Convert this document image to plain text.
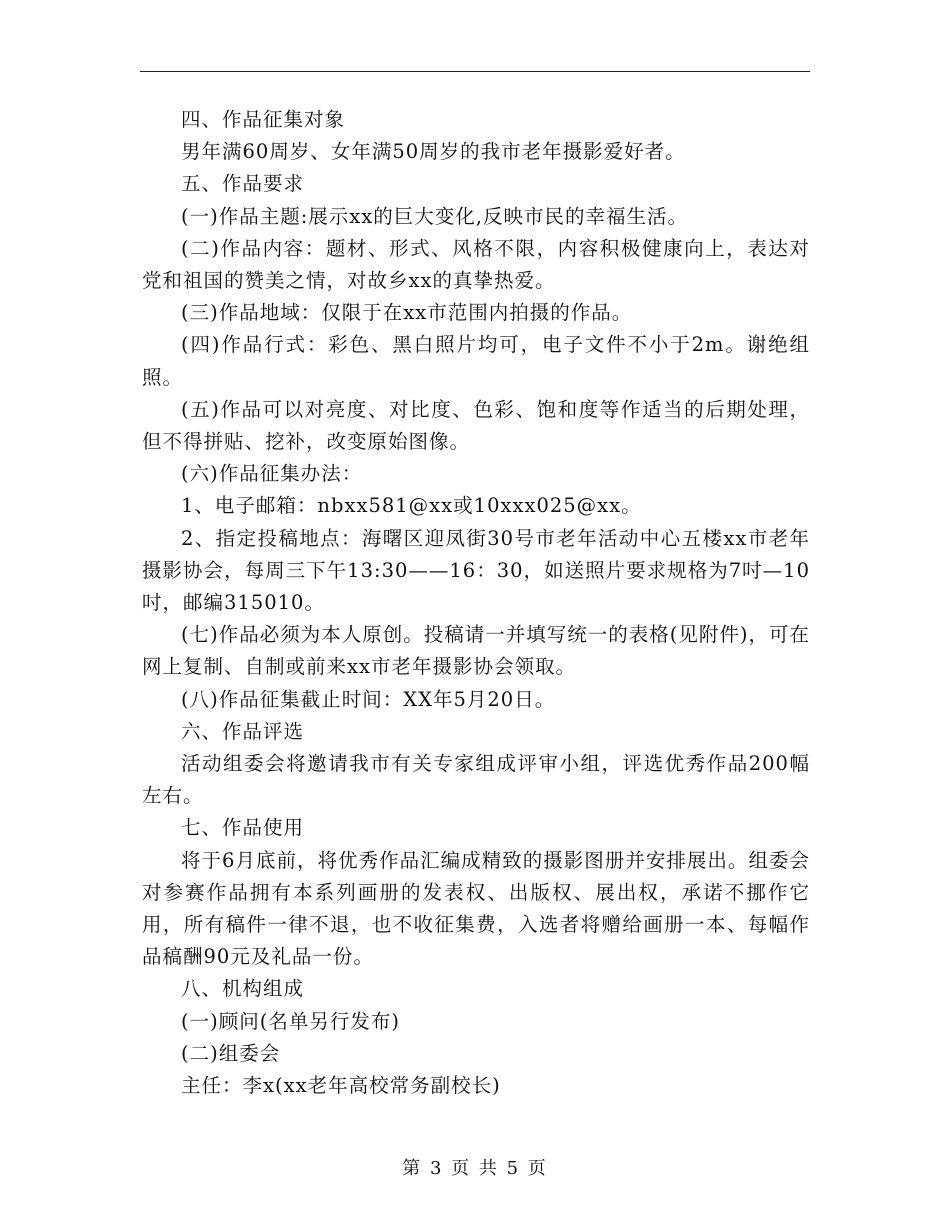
四、作品征集对象

男年满60周岁、女年满50周岁的我市老年摄影爱好者。

五、作品要求

(一)作品主题:展示xx的巨大变化,反映市民的幸福生活。

(二)作品内容：题材、形式、风格不限，内容积极健康向上，表达对党和祖国的赞美之情，对故乡xx的真挚热爱。

(三)作品地域：仅限于在xx市范围内拍摄的作品。

(四)作品行式：彩色、黑白照片均可，电子文件不小于2m。谢绝组照。

(五)作品可以对亮度、对比度、色彩、饱和度等作适当的后期处理，但不得拼贴、挖补，改变原始图像。

(六)作品征集办法：

1、电子邮箱：nbxx581@xx或10xxx025@xx。

2、指定投稿地点：海曙区迎凤街30号市老年活动中心五楼xx市老年摄影协会，每周三下午13:30——16：30，如送照片要求规格为7吋—10吋，邮编315010。

(七)作品必须为本人原创。投稿请一并填写统一的表格(见附件)，可在网上复制、自制或前来xx市老年摄影协会领取。

(八)作品征集截止时间：XX年5月20日。

六、作品评选

活动组委会将邀请我市有关专家组成评审小组，评选优秀作品200幅左右。

七、作品使用

将于6月底前，将优秀作品汇编成精致的摄影图册并安排展出。组委会对参赛作品拥有本系列画册的发表权、出版权、展出权，承诺不挪作它用，所有稿件一律不退，也不收征集费，入选者将赠给画册一本、每幅作品稿酬90元及礼品一份。

八、机构组成

(一)顾问(名单另行发布)

(二)组委会

主任：李x(xx老年高校常务副校长)

第 3 页 共 5 页
